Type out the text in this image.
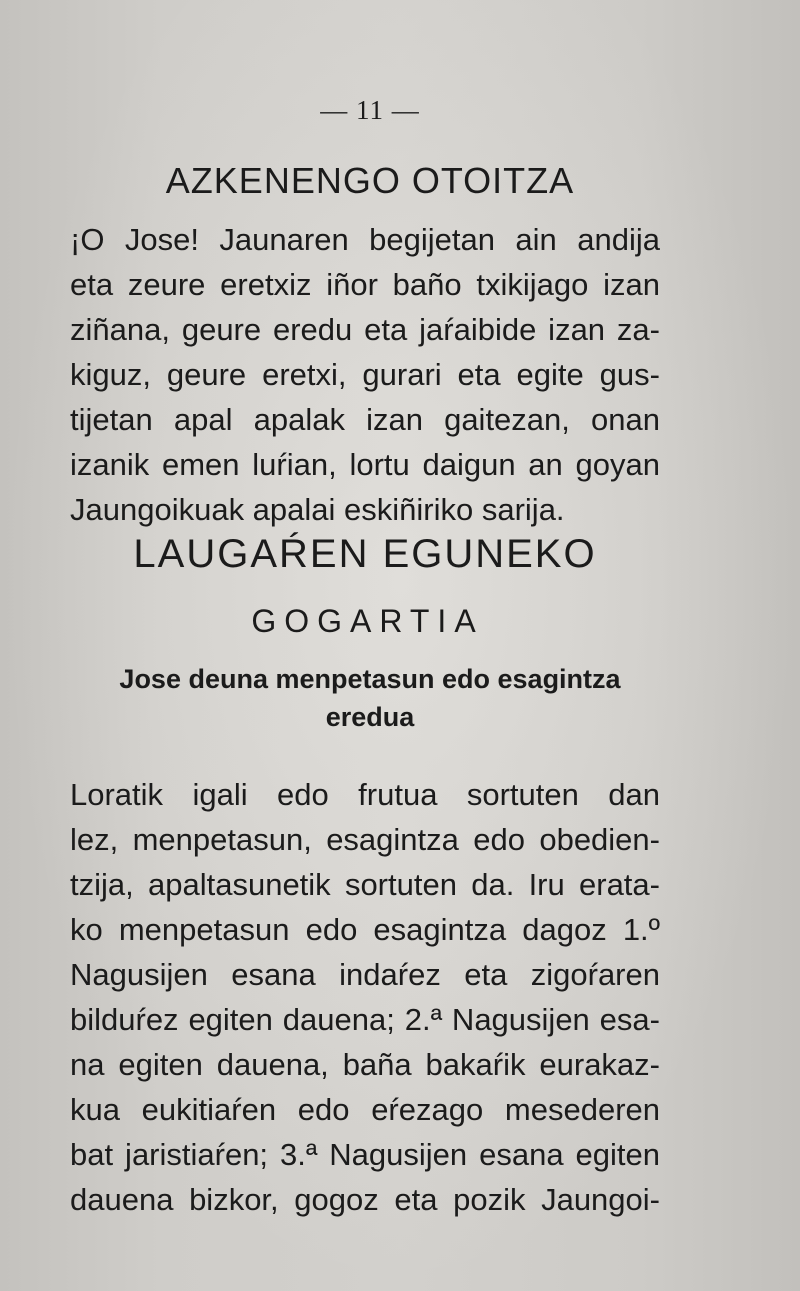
— 11 —
AZKENENGO OTOITZA
¡O Jose! Jaunaren begijetan ain andija
eta zeure eretxiz iñor baño txikijago izan
ziñana, geure eredu eta jaŕaibide izan za-
kiguz, geure eretxi, gurari eta egite gus-
tijetan apal apalak izan gaitezan, onan
izanik emen luŕian, lortu daigun an goyan
Jaungoikuak apalai eskiñiriko sarija.
LAUGAŔEN EGUNEKO
GOGARTIA
Jose deuna menpetasun edo esagintza
eredua
Loratik igali edo frutua sortuten dan
lez, menpetasun, esagintza edo obedien-
tzija, apaltasunetik sortuten da. Iru erata-
ko menpetasun edo esagintza dagoz 1.º
Nagusijen esana indaŕez eta zigoŕaren
bilduŕez egiten dauena; 2.ª Nagusijen esa-
na egiten dauena, baña bakaŕik eurakaz-
kua eukitiaŕen edo eŕezago mesederen
bat jaristiaŕen; 3.ª Nagusijen esana egiten
dauena bizkor, gogoz eta pozik Jaungoi-
